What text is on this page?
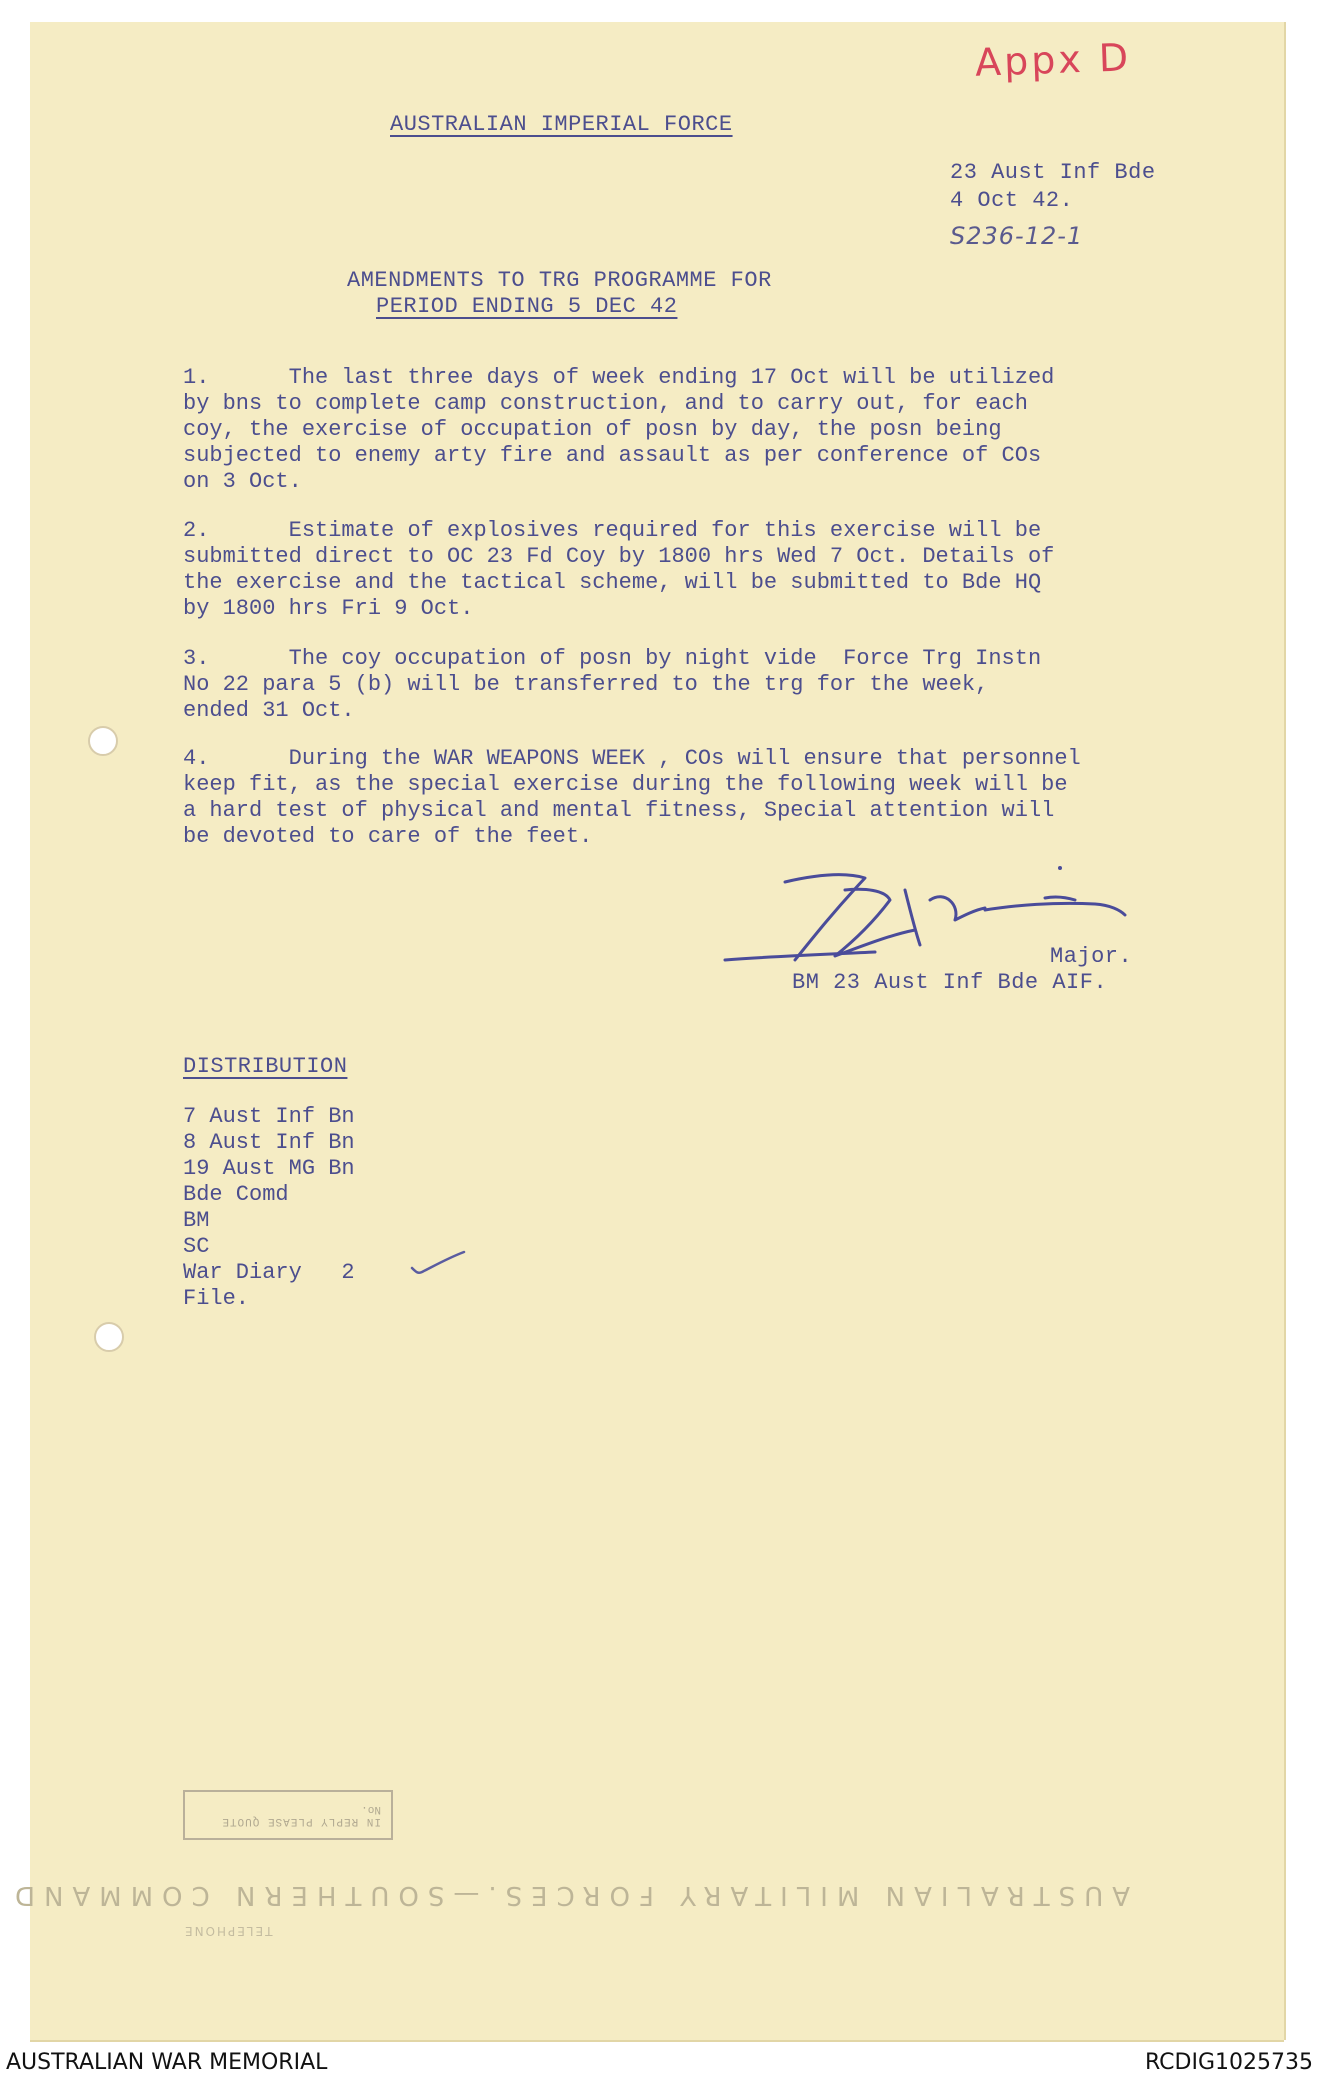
Appx D
AUSTRALIAN IMPERIAL FORCE
23 Aust Inf Bde
4 Oct 42.
S236-12-1
AMENDMENTS TO TRG PROGRAMME FOR
PERIOD ENDING 5 DEC 42
1.	The last three days of week ending 17 Oct will be utilized
by bns to complete camp construction, and to carry out, for each
coy, the exercise of occupation of posn by day, the posn being
subjected to enemy arty fire and assault as per conference of COs
on 3 Oct.
2.	Estimate of explosives required for this exercise will be
submitted direct to OC 23 Fd Coy by 1800 hrs Wed 7 Oct. Details of
the exercise and the tactical scheme, will be submitted to Bde HQ
by 1800 hrs Fri 9 Oct.
3.	The coy occupation of posn by night vide  Force Trg Instn
No 22 para 5 (b) will be transferred to the trg for the week,
ended 31 Oct.
4.	During the WAR WEAPONS WEEK , COs will ensure that personnel
keep fit, as the special exercise during the following week will be
a hard test of physical and mental fitness, Special attention will
be devoted to care of the feet.
Major.
BM 23 Aust Inf Bde AIF.
DISTRIBUTION
7 Aust Inf Bn
8 Aust Inf Bn
19 Aust MG Bn
Bde Comd
BM
SC
War Diary   2
File.
IN REPLY PLEASE QUOTE
No.
AUSTRALIAN MILITARY FORCES.—SOUTHERN COMMAND
TELEPHONE
AUSTRALIAN WAR MEMORIAL	RCDIG1025735
